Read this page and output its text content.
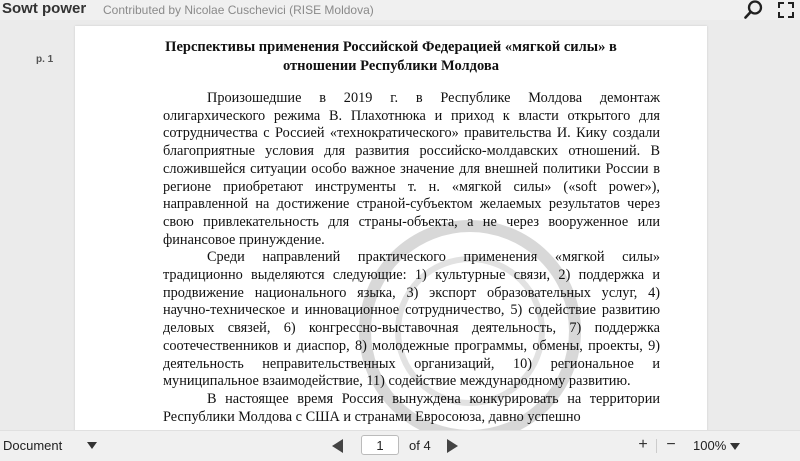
Sowt power Contributed by Nicolae Cuschevici (RISE Moldova)
p. 1
Перспективы применения Российской Федерацией «мягкой силы» в
отношении Республики Молдова

Произошедшие в 2019 г. в Республике Молдова демонтаж олигархического режима В. Плахотнюка и приход к власти открытого для сотрудничества с Россией «технократического» правительства И. Кику создали благоприятные условия для развития российско-молдавских отношений. В сложившейся ситуации особо важное значение для внешней политики России в регионе приобретают инструменты т. н. «мягкой силы» («soft power»), направленной на достижение страной-субъектом желаемых результатов через свою привлекательность для страны-объекта, а не через вооруженное или финансовое принуждение.

Среди направлений практического применения «мягкой силы» традиционно выделяются следующие: 1) культурные связи, 2) поддержка и продвижение национального языка, 3) экспорт образовательных услуг, 4) научно-техническое и инновационное сотрудничество, 5) содействие развитию деловых связей, 6) конгрессно-выставочная деятельность, 7) поддержка соотечественников и диаспор, 8) молодежные программы, обмены, проекты, 9) деятельность неправительственных организаций, 10) региональное и муниципальное взаимодействие, 11) содействие международному развитию.

В настоящее время Россия вынуждена конкурировать на территории Республики Молдова с США и странами Евросоюза, давно успешно

Document
1	of 4	+ −	100%
